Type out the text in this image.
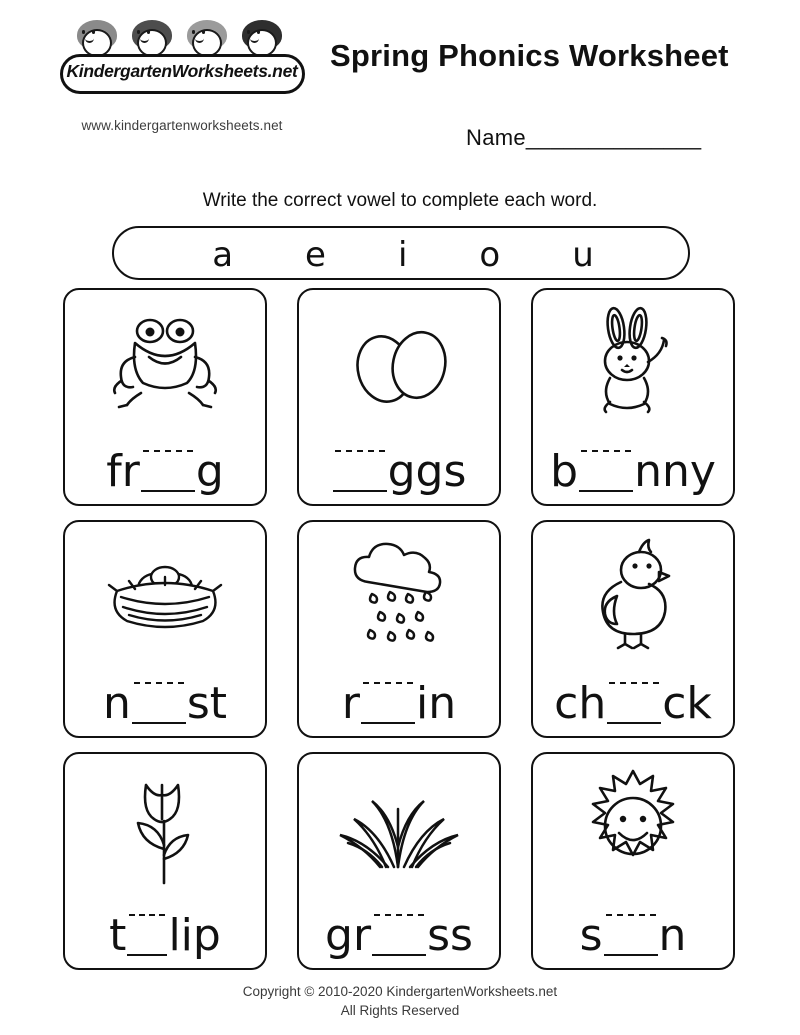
KindergartenWorksheets.net
www.kindergartenworksheets.net
Spring Phonics Worksheet
Name______________
Write the correct vowel to complete each word.
a e i o u
fr g	ggs b nny
n st	r in ch ck
t lip gr ss s n
Copyright © 2010-2020 KindergartenWorksheets.net
All Rights Reserved
